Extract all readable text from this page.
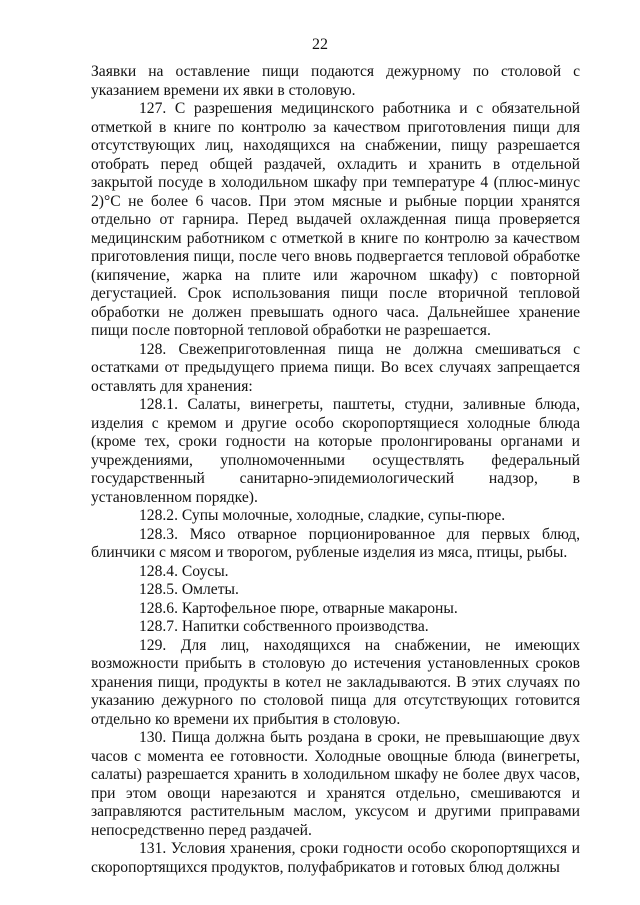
22

Заявки на оставление пищи подаются дежурному по столовой с указанием времени их явки в столовую.

127. С разрешения медицинского работника и с обязательной отметкой в книге по контролю за качеством приготовления пищи для отсутствующих лиц, находящихся на снабжении, пищу разрешается отобрать перед общей раздачей, охладить и хранить в отдельной закрытой посуде в холодильном шкафу при температуре 4 (плюс-минус 2)°С не более 6 часов. При этом мясные и рыбные порции хранятся отдельно от гарнира. Перед выдачей охлажденная пища проверяется медицинским работником с отметкой в книге по контролю за качеством приготовления пищи, после чего вновь подвергается тепловой обработке (кипячение, жарка на плите или жарочном шкафу) с повторной дегустацией. Срок использования пищи после вторичной тепловой обработки не должен превышать одного часа. Дальнейшее хранение пищи после повторной тепловой обработки не разрешается.

128. Свежеприготовленная пища не должна смешиваться с остатками от предыдущего приема пищи. Во всех случаях запрещается оставлять для хранения:

128.1. Салаты, винегреты, паштеты, студни, заливные блюда, изделия с кремом и другие особо скоропортящиеся холодные блюда (кроме тех, сроки годности на которые пролонгированы органами и учреждениями, уполномоченными осуществлять федеральный государственный санитарно-эпидемиологический надзор, в установленном порядке).

128.2. Супы молочные, холодные, сладкие, супы-пюре.

128.3. Мясо отварное порционированное для первых блюд, блинчики с мясом и творогом, рубленые изделия из мяса, птицы, рыбы.

128.4. Соусы.

128.5. Омлеты.

128.6. Картофельное пюре, отварные макароны.

128.7. Напитки собственного производства.

129. Для лиц, находящихся на снабжении, не имеющих возможности прибыть в столовую до истечения установленных сроков хранения пищи, продукты в котел не закладываются. В этих случаях по указанию дежурного по столовой пища для отсутствующих готовится отдельно ко времени их прибытия в столовую.

130. Пища должна быть роздана в сроки, не превышающие двух часов с момента ее готовности. Холодные овощные блюда (винегреты, салаты) разрешается хранить в холодильном шкафу не более двух часов, при этом овощи нарезаются и хранятся отдельно, смешиваются и заправляются растительным маслом, уксусом и другими приправами непосредственно перед раздачей.

131. Условия хранения, сроки годности особо скоропортящихся и скоропортящихся продуктов, полуфабрикатов и готовых блюд должны
